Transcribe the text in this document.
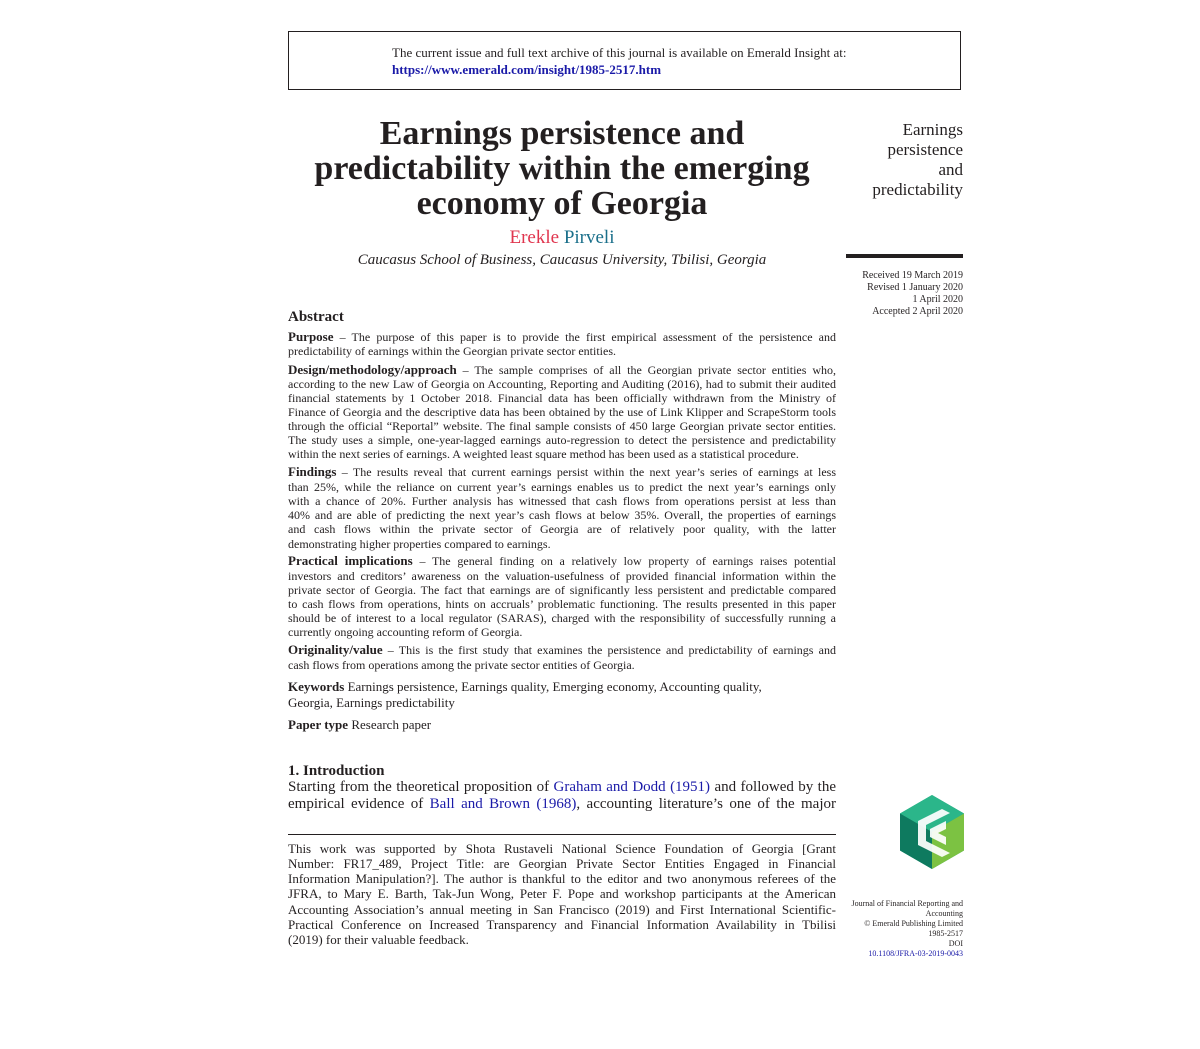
The current issue and full text archive of this journal is available on Emerald Insight at:
https://www.emerald.com/insight/1985-2517.htm
Earnings persistence and
predictability within the emerging
economy of Georgia
Erekle Pirveli
Caucasus School of Business, Caucasus University, Tbilisi, Georgia
Earnings
persistence
and
predictability
Received 19 March 2019
Revised 1 January 2020
1 April 2020
Accepted 2 April 2020
Abstract
Purpose – The purpose of this paper is to provide the first empirical assessment of the persistence and
predictability of earnings within the Georgian private sector entities.
Design/methodology/approach – The sample comprises of all the Georgian private sector entities who,
according to the new Law of Georgia on Accounting, Reporting and Auditing (2016), had to submit their audited
financial statements by 1 October 2018. Financial data has been officially withdrawn from the Ministry of
Finance of Georgia and the descriptive data has been obtained by the use of Link Klipper and ScrapeStorm tools
through the official “Reportal” website. The final sample consists of 450 large Georgian private sector entities.
The study uses a simple, one-year-lagged earnings auto-regression to detect the persistence and predictability
within the next series of earnings. A weighted least square method has been used as a statistical procedure.
Findings – The results reveal that current earnings persist within the next year’s series of earnings at less
than 25%, while the reliance on current year’s earnings enables us to predict the next year’s earnings only
with a chance of 20%. Further analysis has witnessed that cash flows from operations persist at less than
40% and are able of predicting the next year’s cash flows at below 35%. Overall, the properties of earnings
and cash flows within the private sector of Georgia are of relatively poor quality, with the latter
demonstrating higher properties compared to earnings.
Practical implications – The general finding on a relatively low property of earnings raises potential
investors and creditors’ awareness on the valuation-usefulness of provided financial information within the
private sector of Georgia. The fact that earnings are of significantly less persistent and predictable compared
to cash flows from operations, hints on accruals’ problematic functioning. The results presented in this paper
should be of interest to a local regulator (SARAS), charged with the responsibility of successfully running a
currently ongoing accounting reform of Georgia.
Originality/value – This is the first study that examines the persistence and predictability of earnings and
cash flows from operations among the private sector entities of Georgia.
Keywords Earnings persistence, Earnings quality, Emerging economy, Accounting quality,
Georgia, Earnings predictability
Paper type Research paper
1. Introduction
Starting from the theoretical proposition of Graham and Dodd (1951) and followed by the
empirical evidence of Ball and Brown (1968), accounting literature’s one of the major
This work was supported by Shota Rustaveli National Science Foundation of Georgia [Grant
Number: FR17_489, Project Title: are Georgian Private Sector Entities Engaged in Financial
Information Manipulation?]. The author is thankful to the editor and two anonymous referees of the
JFRA, to Mary E. Barth, Tak-Jun Wong, Peter F. Pope and workshop participants at the American
Accounting Association’s annual meeting in San Francisco (2019) and First International Scientific-
Practical Conference on Increased Transparency and Financial Information Availability in Tbilisi
(2019) for their valuable feedback.
Journal of Financial Reporting and
Accounting
© Emerald Publishing Limited
1985-2517
DOI
10.1108/JFRA-03-2019-0043
